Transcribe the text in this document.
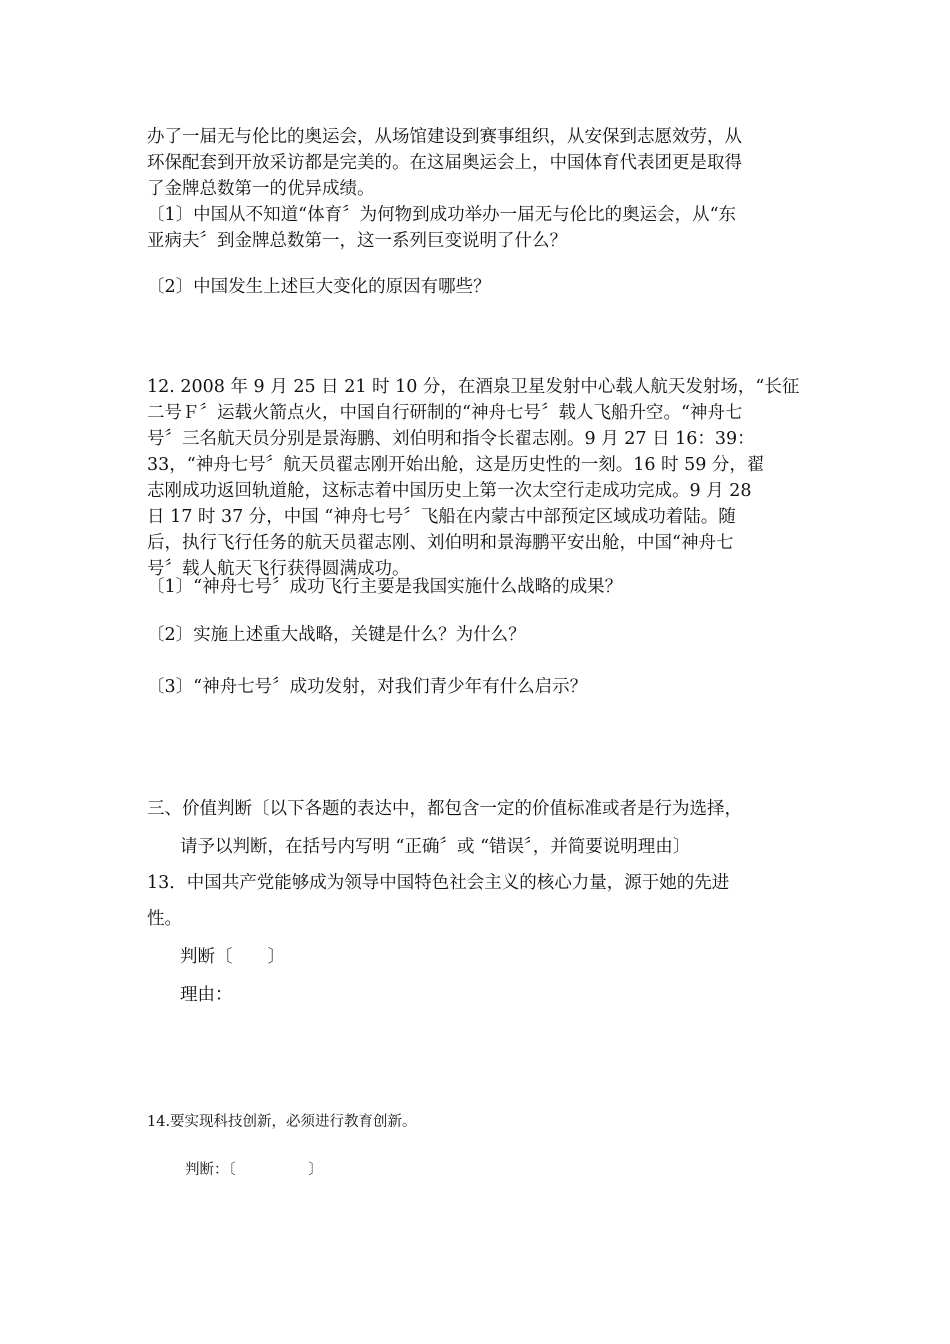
办了一届无与伦比的奥运会，从场馆建设到赛事组织，从安保到志愿效劳，从
环保配套到开放采访都是完美的。在这届奥运会上，中国体育代表团更是取得
了金牌总数第一的优异成绩。
〔1〕中国从不知道“体育〞为何物到成功举办一届无与伦比的奥运会，从“东
亚病夫〞到金牌总数第一，这一系列巨变说明了什么？
〔2〕中国发生上述巨大变化的原因有哪些？
12. 2008 年 9 月 25 日 21 时 10 分，在酒泉卫星发射中心载人航天发射场，“长征
二号Ｆ〞运载火箭点火，中国自行研制的“神舟七号〞载人飞船升空。“神舟七
号〞三名航天员分别是景海鹏、刘伯明和指令长翟志刚。9 月 27 日 16：39：
33，“神舟七号〞航天员翟志刚开始出舱，这是历史性的一刻。16 时 59 分，翟
志刚成功返回轨道舱，这标志着中国历史上第一次太空行走成功完成。9 月 28
日 17 时 37 分，中国 “神舟七号〞飞船在内蒙古中部预定区域成功着陆。随
后，执行飞行任务的航天员翟志刚、刘伯明和景海鹏平安出舱，中国“神舟七
号〞载人航天飞行获得圆满成功。
〔1〕“神舟七号〞成功飞行主要是我国实施什么战略的成果？
〔2〕实施上述重大战略，关键是什么？为什么？
〔3〕“神舟七号〞成功发射，对我们青少年有什么启示？
三、价值判断〔以下各题的表达中，都包含一定的价值标准或者是行为选择，
请予以判断，在括号内写明 “正确〞或 “错误〞，并简要说明理由〕
13．中国共产党能够成为领导中国特色社会主义的核心力量，源于她的先进
性。
判断〔　　〕
理由：
14.要实现科技创新，必须进行教育创新。
判断：〔　　　　　〕
